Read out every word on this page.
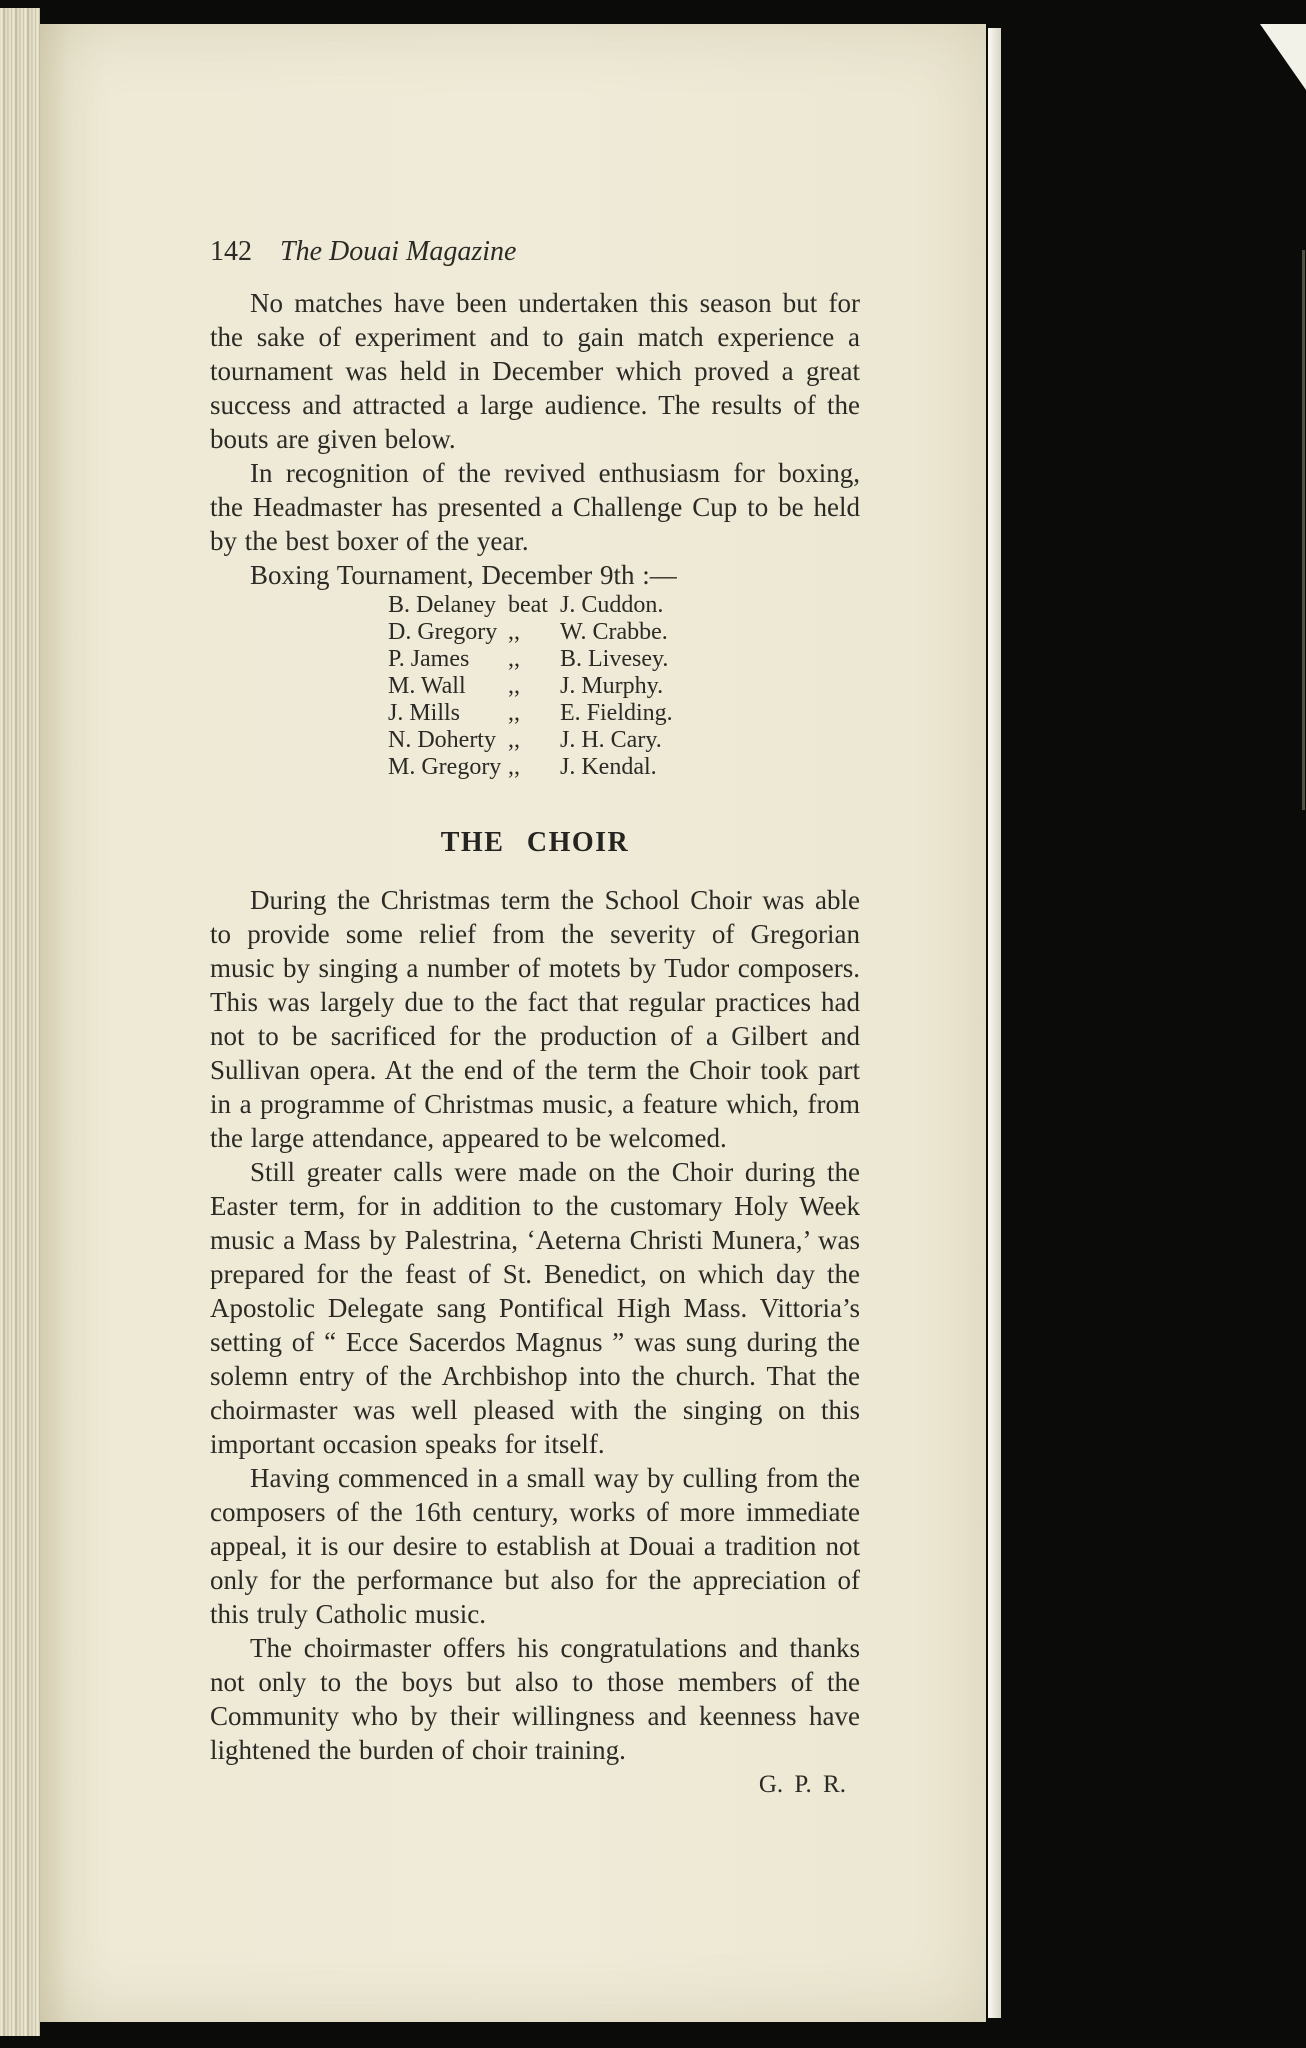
142 The Douai Magazine

No matches have been undertaken this season but for the sake of experiment and to gain match experience a tournament was held in December which proved a great success and attracted a large audience. The results of the bouts are given below.

In recognition of the revived enthusiasm for boxing, the Headmaster has presented a Challenge Cup to be held by the best boxer of the year.

Boxing Tournament, December 9th :—

B. Delaney beat J. Cuddon.
D. Gregory ,,	W. Crabbe.
P. James	,,	B. Livesey.
M. Wall	,,	J. Murphy.
J. Mills	,,	E. Fielding.
N. Doherty ,,	J. H. Cary.
M. Gregory ,,	J. Kendal.
THE CHOIR

During the Christmas term the School Choir was able to provide some relief from the severity of Gregorian music by singing a number of motets by Tudor composers. This was largely due to the fact that regular practices had not to be sacrificed for the production of a Gilbert and Sullivan opera. At the end of the term the Choir took part in a programme of Christmas music, a feature which, from the large attendance, appeared to be welcomed.

Still greater calls were made on the Choir during the Easter term, for in addition to the customary Holy Week music a Mass by Palestrina, ‘Aeterna Christi Munera,’ was prepared for the feast of St. Benedict, on which day the Apostolic Delegate sang Pontifical High Mass. Vittoria’s setting of “ Ecce Sacerdos Magnus ” was sung during the solemn entry of the Archbishop into the church. That the choirmaster was well pleased with the singing on this important occasion speaks for itself.

Having commenced in a small way by culling from the composers of the 16th century, works of more immediate appeal, it is our desire to establish at Douai a tradition not only for the performance but also for the appreciation of this truly Catholic music.

The choirmaster offers his congratulations and thanks not only to the boys but also to those members of the Community who by their willingness and keenness have lightened the burden of choir training.

G. P. R.
